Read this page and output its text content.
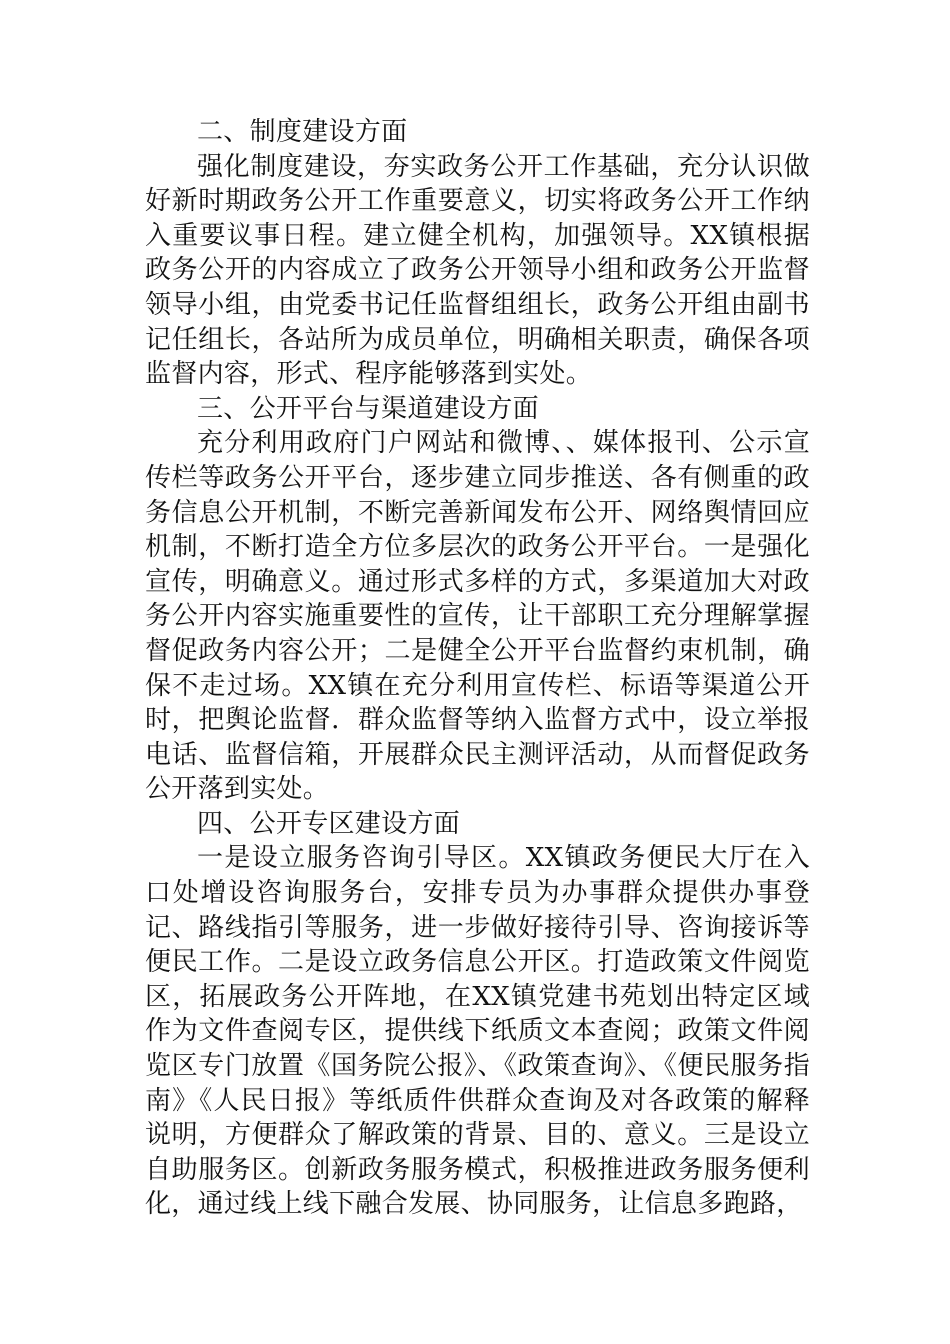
二、制度建设方面

强化制度建设，夯实政务公开工作基础，充分认识做好新时期政务公开工作重要意义，切实将政务公开工作纳入重要议事日程。建立健全机构，加强领导。XX镇根据政务公开的内容成立了政务公开领导小组和政务公开监督领导小组，由党委书记任监督组组长，政务公开组由副书记任组长，各站所为成员单位，明确相关职责，确保各项监督内容，形式、程序能够落到实处。

三、公开平台与渠道建设方面

充分利用政府门户网站和微博、、媒体报刊、公示宣传栏等政务公开平台，逐步建立同步推送、各有侧重的政务信息公开机制，不断完善新闻发布公开、网络舆情回应机制，不断打造全方位多层次的政务公开平台。一是强化宣传，明确意义。通过形式多样的方式，多渠道加大对政务公开内容实施重要性的宣传，让干部职工充分理解掌握督促政务内容公开；二是健全公开平台监督约束机制，确保不走过场。XX镇在充分利用宣传栏、标语等渠道公开时，把舆论监督．群众监督等纳入监督方式中，设立举报电话、监督信箱，开展群众民主测评活动，从而督促政务公开落到实处。

四、公开专区建设方面

一是设立服务咨询引导区。XX镇政务便民大厅在入口处增设咨询服务台，安排专员为办事群众提供办事登记、路线指引等服务，进一步做好接待引导、咨询接诉等便民工作。二是设立政务信息公开区。打造政策文件阅览区，拓展政务公开阵地，在XX镇党建书苑划出特定区域作为文件查阅专区，提供线下纸质文本查阅；政策文件阅览区专门放置《国务院公报》、《政策查询》、《便民服务指南》《人民日报》等纸质件供群众查询及对各政策的解释说明，方便群众了解政策的背景、目的、意义。三是设立自助服务区。创新政务服务模式，积极推进政务服务便利化，通过线上线下融合发展、协同服务，让信息多跑路，
